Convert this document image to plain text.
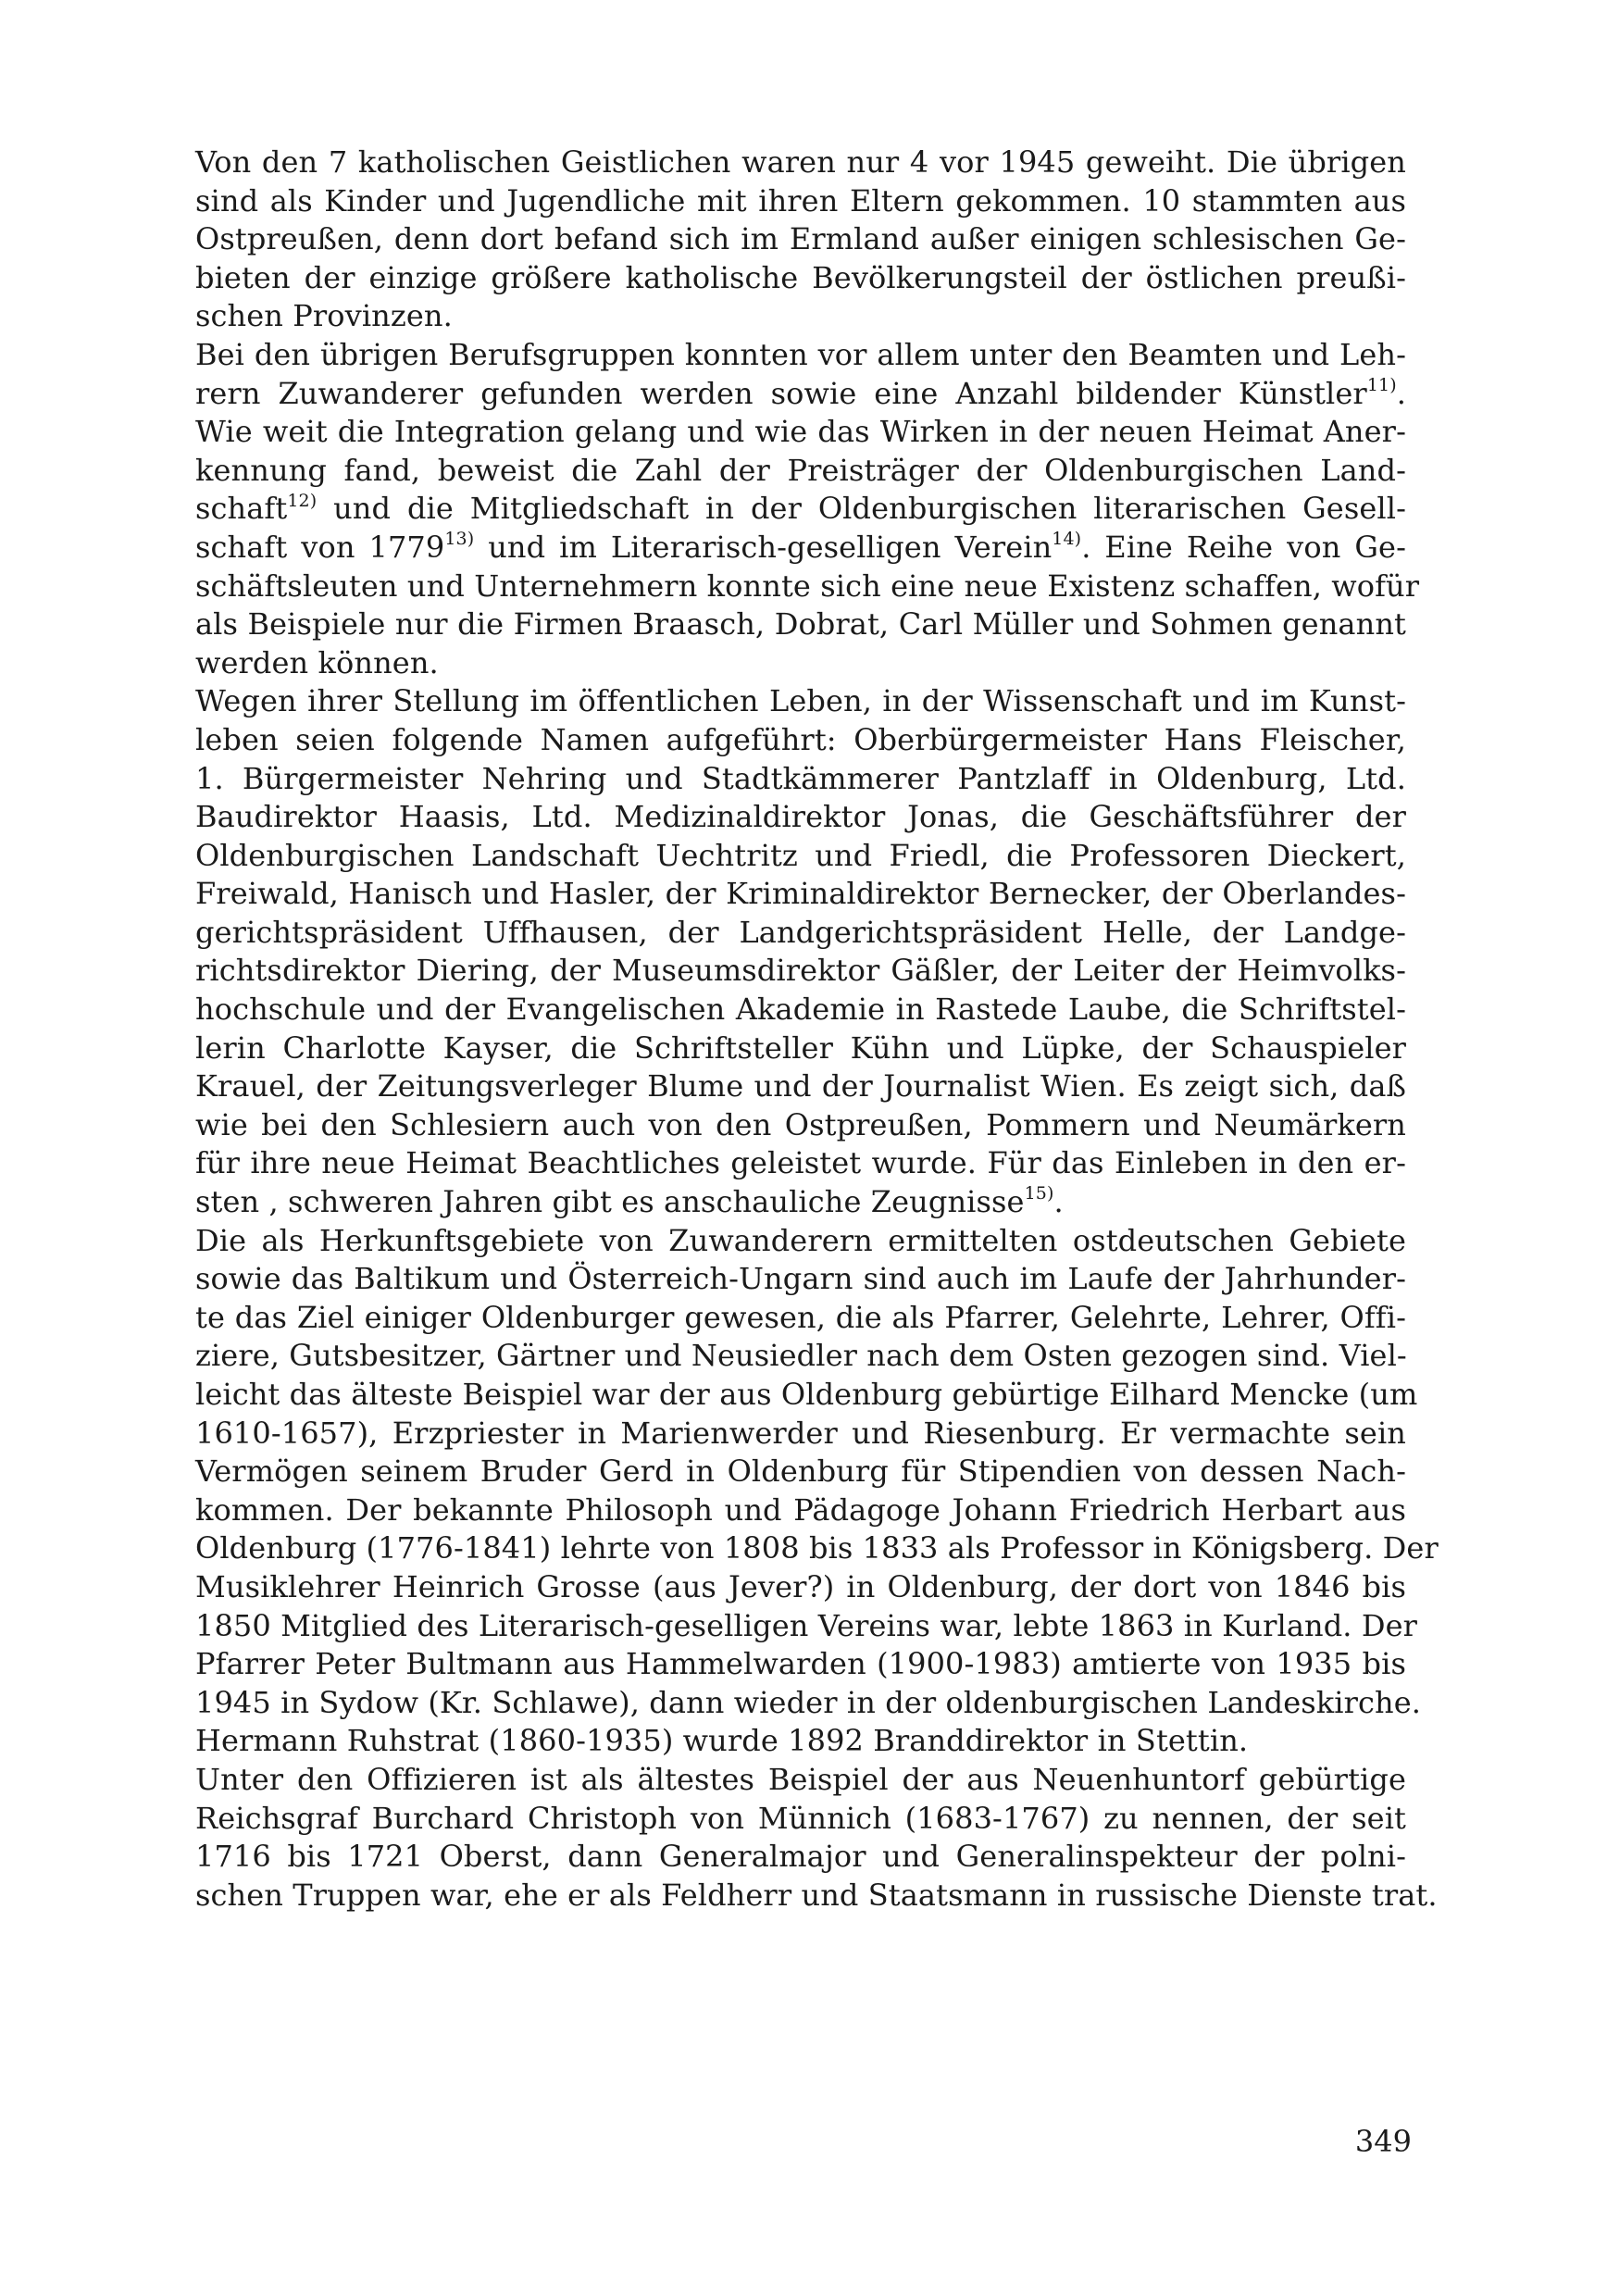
Von den 7 katholischen Geistlichen waren nur 4 vor 1945 geweiht. Die übrigen
sind als Kinder und Jugendliche mit ihren Eltern gekommen. 10 stammten aus
Ostpreußen, denn dort befand sich im Ermland außer einigen schlesischen Ge-
bieten der einzige größere katholische Bevölkerungsteil der östlichen preußi-
schen Provinzen.

Bei den übrigen Berufsgruppen konnten vor allem unter den Beamten und Leh-
rern Zuwanderer gefunden werden sowie eine Anzahl bildender Künstler$^{11)}$.
Wie weit die Integration gelang und wie das Wirken in der neuen Heimat Aner-
kennung fand, beweist die Zahl der Preisträger der Oldenburgischen Land-
schaft$^{12)}$ und die Mitgliedschaft in der Oldenburgischen literarischen Gesell-
schaft von 1779$^{13)}$ und im Literarisch-geselligen Verein$^{14)}$. Eine Reihe von Ge-
schäftsleuten und Unternehmern konnte sich eine neue Existenz schaffen, wofür
als Beispiele nur die Firmen Braasch, Dobrat, Carl Müller und Sohmen genannt
werden können.

Wegen ihrer Stellung im öffentlichen Leben, in der Wissenschaft und im Kunst-
leben seien folgende Namen aufgeführt: Oberbürgermeister Hans Fleischer,
1. Bürgermeister Nehring und Stadtkämmerer Pantzlaff in Oldenburg, Ltd.
Baudirektor Haasis, Ltd. Medizinaldirektor Jonas, die Geschäftsführer der
Oldenburgischen Landschaft Uechtritz und Friedl, die Professoren Dieckert,
Freiwald, Hanisch und Hasler, der Kriminaldirektor Bernecker, der Oberlandes-
gerichtspräsident Uffhausen, der Landgerichtspräsident Helle, der Landge-
richtsdirektor Diering, der Museumsdirektor Gäßler, der Leiter der Heimvolks-
hochschule und der Evangelischen Akademie in Rastede Laube, die Schriftstel-
lerin Charlotte Kayser, die Schriftsteller Kühn und Lüpke, der Schauspieler
Krauel, der Zeitungsverleger Blume und der Journalist Wien. Es zeigt sich, daß
wie bei den Schlesiern auch von den Ostpreußen, Pommern und Neumärkern
für ihre neue Heimat Beachtliches geleistet wurde. Für das Einleben in den er-
sten , schweren Jahren gibt es anschauliche Zeugnisse$^{15)}$.

Die als Herkunftsgebiete von Zuwanderern ermittelten ostdeutschen Gebiete
sowie das Baltikum und Österreich-Ungarn sind auch im Laufe der Jahrhunder-
te das Ziel einiger Oldenburger gewesen, die als Pfarrer, Gelehrte, Lehrer, Offi-
ziere, Gutsbesitzer, Gärtner und Neusiedler nach dem Osten gezogen sind. Viel-
leicht das älteste Beispiel war der aus Oldenburg gebürtige Eilhard Mencke (um
1610-1657), Erzpriester in Marienwerder und Riesenburg. Er vermachte sein
Vermögen seinem Bruder Gerd in Oldenburg für Stipendien von dessen Nach-
kommen. Der bekannte Philosoph und Pädagoge Johann Friedrich Herbart aus
Oldenburg (1776-1841) lehrte von 1808 bis 1833 als Professor in Königsberg. Der
Musiklehrer Heinrich Grosse (aus Jever?) in Oldenburg, der dort von 1846 bis
1850 Mitglied des Literarisch-geselligen Vereins war, lebte 1863 in Kurland. Der
Pfarrer Peter Bultmann aus Hammelwarden (1900-1983) amtierte von 1935 bis
1945 in Sydow (Kr. Schlawe), dann wieder in der oldenburgischen Landeskirche.
Hermann Ruhstrat (1860-1935) wurde 1892 Branddirektor in Stettin.

Unter den Offizieren ist als ältestes Beispiel der aus Neuenhuntorf gebürtige
Reichsgraf Burchard Christoph von Münnich (1683-1767) zu nennen, der seit
1716 bis 1721 Oberst, dann Generalmajor und Generalinspekteur der polni-
schen Truppen war, ehe er als Feldherr und Staatsmann in russische Dienste trat.

349
